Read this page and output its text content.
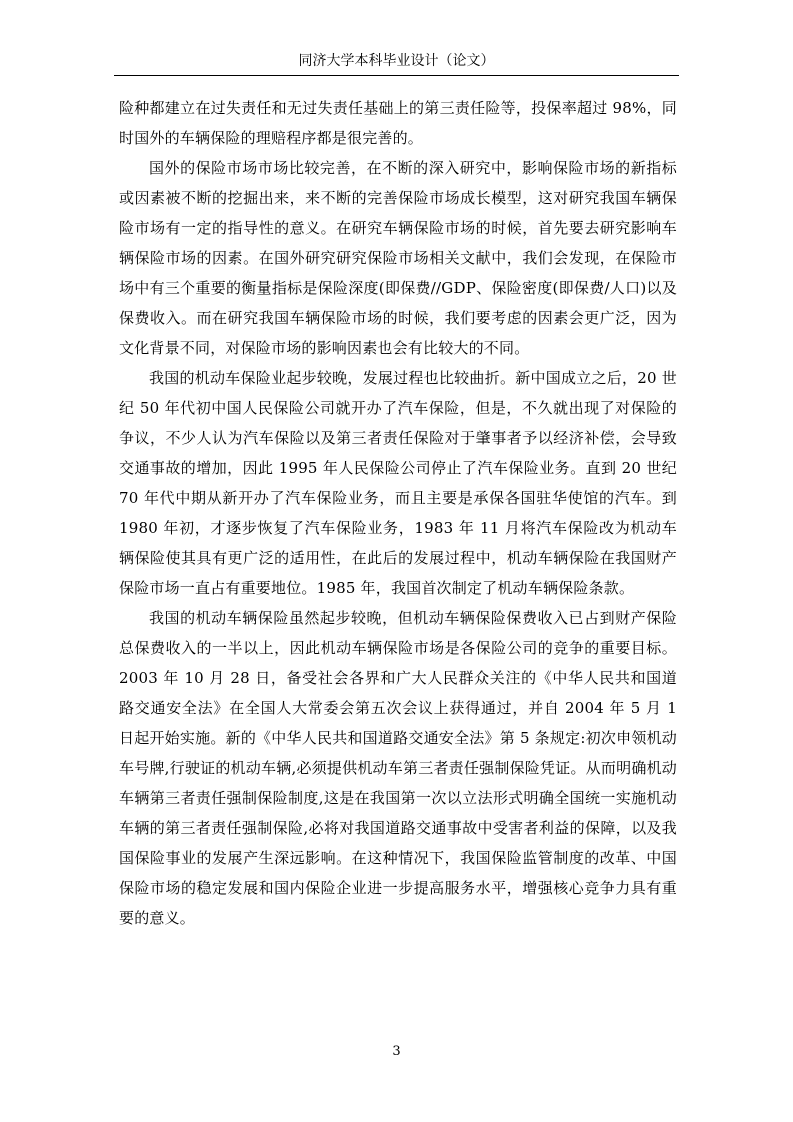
同济大学本科毕业设计（论文）

险种都建立在过失责任和无过失责任基础上的第三责任险等，投保率超过 98%，同时国外的车辆保险的理赔程序都是很完善的。

国外的保险市场市场比较完善，在不断的深入研究中，影响保险市场的新指标或因素被不断的挖掘出来，来不断的完善保险市场成长模型，这对研究我国车辆保险市场有一定的指导性的意义。在研究车辆保险市场的时候，首先要去研究影响车辆保险市场的因素。在国外研究研究保险市场相关文献中，我们会发现，在保险市场中有三个重要的衡量指标是保险深度(即保费//GDP、保险密度(即保费/人口)以及保费收入。而在研究我国车辆保险市场的时候，我们要考虑的因素会更广泛，因为文化背景不同，对保险市场的影响因素也会有比较大的不同。

我国的机动车保险业起步较晚，发展过程也比较曲折。新中国成立之后，20 世纪 50 年代初中国人民保险公司就开办了汽车保险，但是，不久就出现了对保险的争议，不少人认为汽车保险以及第三者责任保险对于肇事者予以经济补偿，会导致交通事故的增加，因此 1995 年人民保险公司停止了汽车保险业务。直到 20 世纪 70 年代中期从新开办了汽车保险业务，而且主要是承保各国驻华使馆的汽车。到 1980 年初，才逐步恢复了汽车保险业务，1983 年 11 月将汽车保险改为机动车辆保险使其具有更广泛的适用性，在此后的发展过程中，机动车辆保险在我国财产保险市场一直占有重要地位。1985 年，我国首次制定了机动车辆保险条款。

我国的机动车辆保险虽然起步较晚，但机动车辆保险保费收入已占到财产保险总保费收入的一半以上，因此机动车辆保险市场是各保险公司的竞争的重要目标。2003 年 10 月 28 日，备受社会各界和广大人民群众关注的《中华人民共和国道路交通安全法》在全国人大常委会第五次会议上获得通过，并自 2004 年 5 月 1 日起开始实施。新的《中华人民共和国道路交通安全法》第 5 条规定:初次申领机动车号牌,行驶证的机动车辆,必须提供机动车第三者责任强制保险凭证。从而明确机动车辆第三者责任强制保险制度,这是在我国第一次以立法形式明确全国统一实施机动车辆的第三者责任强制保险,必将对我国道路交通事故中受害者利益的保障，以及我国保险事业的发展产生深远影响。在这种情况下，我国保险监管制度的改革、中国保险市场的稳定发展和国内保险企业进一步提高服务水平，增强核心竞争力具有重要的意义。

3
